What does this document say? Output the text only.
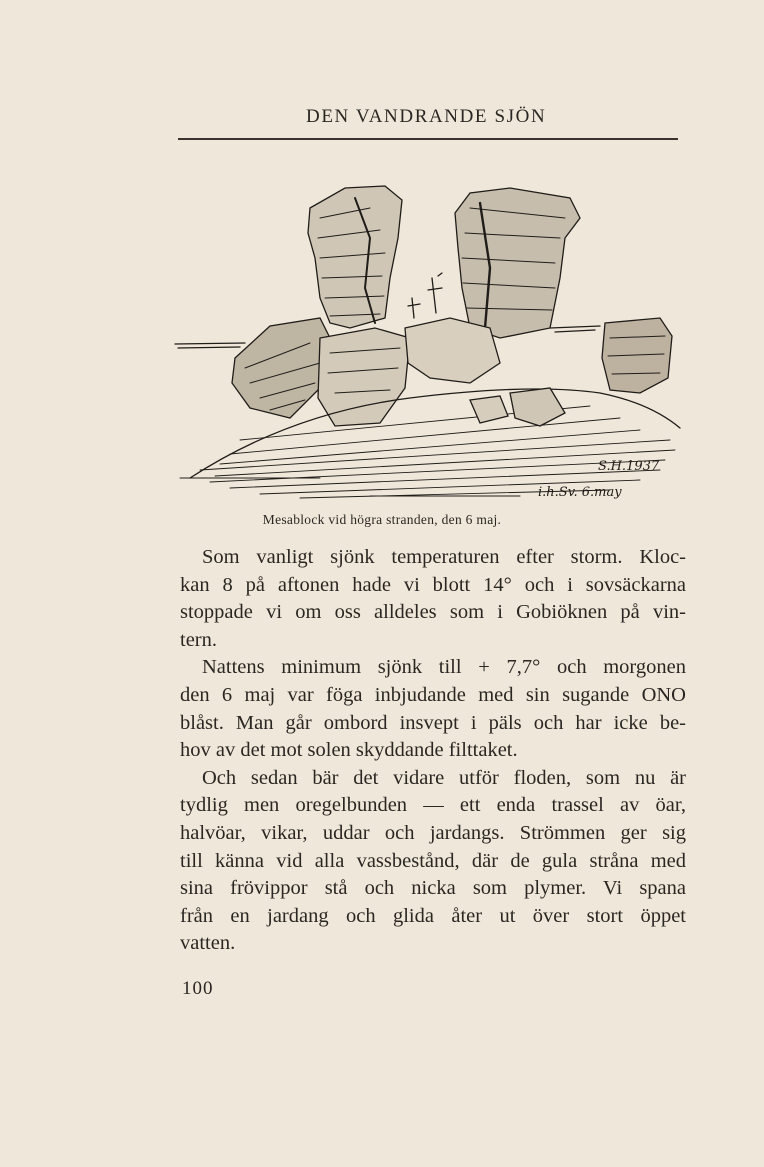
DEN VANDRANDE SJÖN
S.H.1937
i.h.Sv. 6.may
Mesablock vid högra stranden, den 6 maj.
Som vanligt sjönk temperaturen efter storm. Kloc-
kan 8 på aftonen hade vi blott 14° och i sovsäckarna
stoppade vi om oss alldeles som i Gobiöknen på vin-
tern.
Nattens minimum sjönk till + 7,7° och morgonen
den 6 maj var föga inbjudande med sin sugande ONO
blåst. Man går ombord insvept i päls och har icke be-
hov av det mot solen skyddande filttaket.
Och sedan bär det vidare utför floden, som nu är
tydlig men oregelbunden — ett enda trassel av öar,
halvöar, vikar, uddar och jardangs. Strömmen ger sig
till känna vid alla vassbestånd, där de gula stråna med
sina frövippor stå och nicka som plymer. Vi spana
från en jardang och glida åter ut över stort öppet
vatten.
100
